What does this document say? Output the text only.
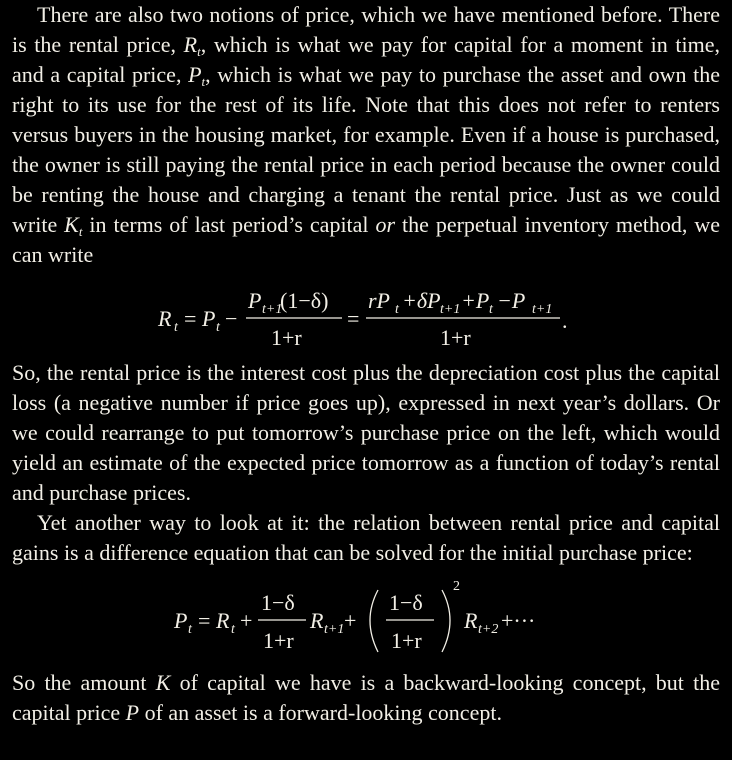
There are also two notions of price, which we have mentioned before. There is the rental price, $R_t$, which is what we pay for capital for a moment in time, and a capital price, $P_t$, which is what we pay to purchase the asset and own the right to its use for the rest of its life. Note that this does not refer to renters versus buyers in the housing market, for example. Even if a house is purchased, the owner is still paying the rental price in each period because the owner could be renting the house and charging a tenant the rental price. Just as we could write $K_t$ in terms of last period’s capital or the perpetual inventory method, we can write

R t = P t −
P t+1
(1−δ)
1+r
=
rP t +δP t+1 +P t −P t+1
1+r
.

So, the rental price is the interest cost plus the depreciation cost plus the capital loss (a negative number if price goes up), expressed in next year’s dollars. Or we could rearrange to put tomorrow’s purchase price on the left, which would yield an estimate of the expected price tomorrow as a function of today’s rental and purchase prices.

Yet another way to look at it: the relation between rental price and capital gains is a difference equation that can be solved for the initial purchase price:

P t = R t +
1−δ
1+r
R t+1 +
1−δ
1+r
2
R t+2 +···

So the amount K of capital we have is a backward-looking concept, but the capital price P of an asset is a forward-looking concept.
